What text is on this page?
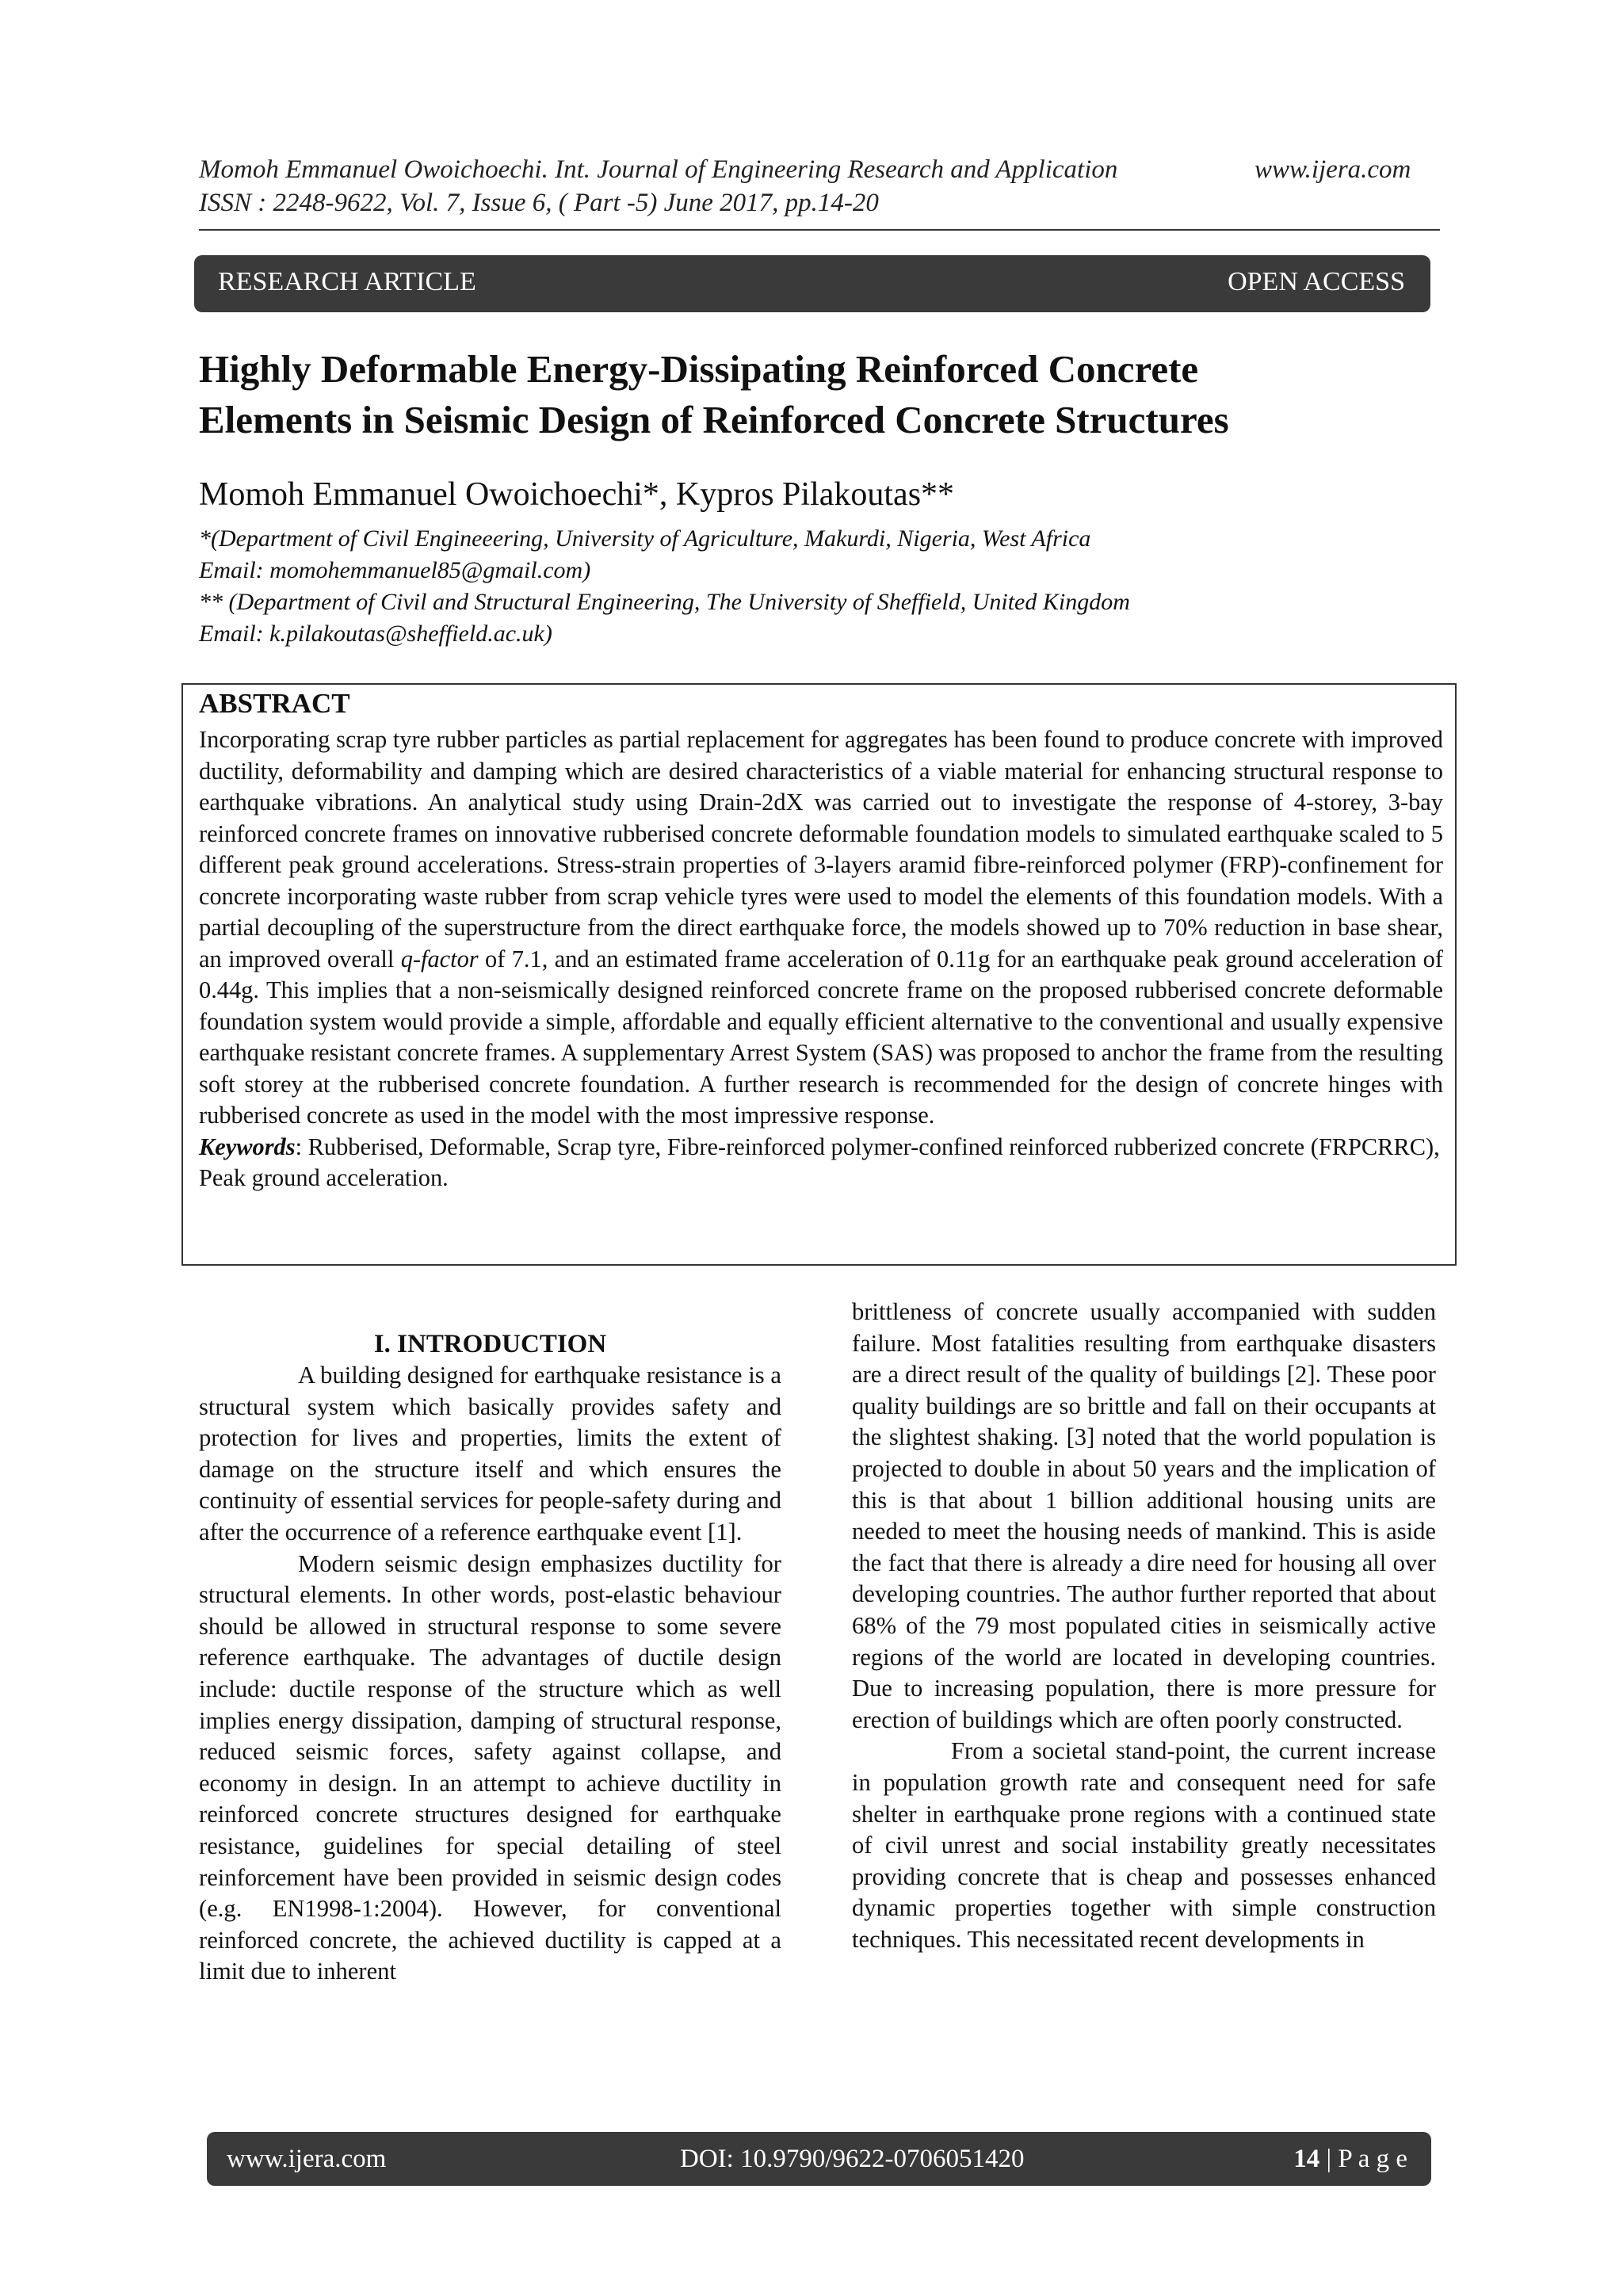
Momoh Emmanuel Owoichoechi. Int. Journal of Engineering Research and Application	www.ijera.com
ISSN : 2248-9622, Vol. 7, Issue 6, ( Part -5) June 2017, pp.14-20
RESEARCH ARTICLE	OPEN ACCESS
Highly Deformable Energy-Dissipating Reinforced Concrete
Elements in Seismic Design of Reinforced Concrete Structures
Momoh Emmanuel Owoichoechi*, Kypros Pilakoutas**
*(Department of Civil Engineeering, University of Agriculture, Makurdi, Nigeria, West Africa
Email: momohemmanuel85@gmail.com)
** (Department of Civil and Structural Engineering, The University of Sheffield, United Kingdom
Email: k.pilakoutas@sheffield.ac.uk)
ABSTRACT

Incorporating scrap tyre rubber particles as partial replacement for aggregates has been found to produce concrete with improved ductility, deformability and damping which are desired characteristics of a viable material for enhancing structural response to earthquake vibrations. An analytical study using Drain-2dX was carried out to investigate the response of 4-storey, 3-bay reinforced concrete frames on innovative rubberised concrete deformable foundation models to simulated earthquake scaled to 5 different peak ground accelerations. Stress-strain properties of 3-layers aramid fibre-reinforced polymer (FRP)-confinement for concrete incorporating waste rubber from scrap vehicle tyres were used to model the elements of this foundation models. With a partial decoupling of the superstructure from the direct earthquake force, the models showed up to 70% reduction in base shear, an improved overall q-factor of 7.1, and an estimated frame acceleration of 0.11g for an earthquake peak ground acceleration of 0.44g. This implies that a non-seismically designed reinforced concrete frame on the proposed rubberised concrete deformable foundation system would provide a simple, affordable and equally efficient alternative to the conventional and usually expensive earthquake resistant concrete frames. A supplementary Arrest System (SAS) was proposed to anchor the frame from the resulting soft storey at the rubberised concrete foundation. A further research is recommended for the design of concrete hinges with rubberised concrete as used in the model with the most impressive response.

Keywords: Rubberised, Deformable, Scrap tyre, Fibre-reinforced polymer-confined reinforced rubberized concrete (FRPCRRC), Peak ground acceleration.

I. INTRODUCTION

A building designed for earthquake resistance is a structural system which basically provides safety and protection for lives and properties, limits the extent of damage on the structure itself and which ensures the continuity of essential services for people-safety during and after the occurrence of a reference earthquake event [1].

Modern seismic design emphasizes ductility for structural elements. In other words, post-elastic behaviour should be allowed in structural response to some severe reference earthquake. The advantages of ductile design include: ductile response of the structure which as well implies energy dissipation, damping of structural response, reduced seismic forces, safety against collapse, and economy in design. In an attempt to achieve ductility in reinforced concrete structures designed for earthquake resistance, guidelines for special detailing of steel reinforcement have been provided in seismic design codes (e.g. EN1998-1:2004). However, for conventional reinforced concrete, the achieved ductility is capped at a limit due to inherent

brittleness of concrete usually accompanied with sudden failure. Most fatalities resulting from earthquake disasters are a direct result of the quality of buildings [2]. These poor quality buildings are so brittle and fall on their occupants at the slightest shaking. [3] noted that the world population is projected to double in about 50 years and the implication of this is that about 1 billion additional housing units are needed to meet the housing needs of mankind. This is aside the fact that there is already a dire need for housing all over developing countries. The author further reported that about 68% of the 79 most populated cities in seismically active regions of the world are located in developing countries. Due to increasing population, there is more pressure for erection of buildings which are often poorly constructed.

From a societal stand-point, the current increase in population growth rate and consequent need for safe shelter in earthquake prone regions with a continued state of civil unrest and social instability greatly necessitates providing concrete that is cheap and possesses enhanced dynamic properties together with simple construction techniques. This necessitated recent developments in

www.ijera.com	DOI: 10.9790/9622-0706051420	14 | P a g e
